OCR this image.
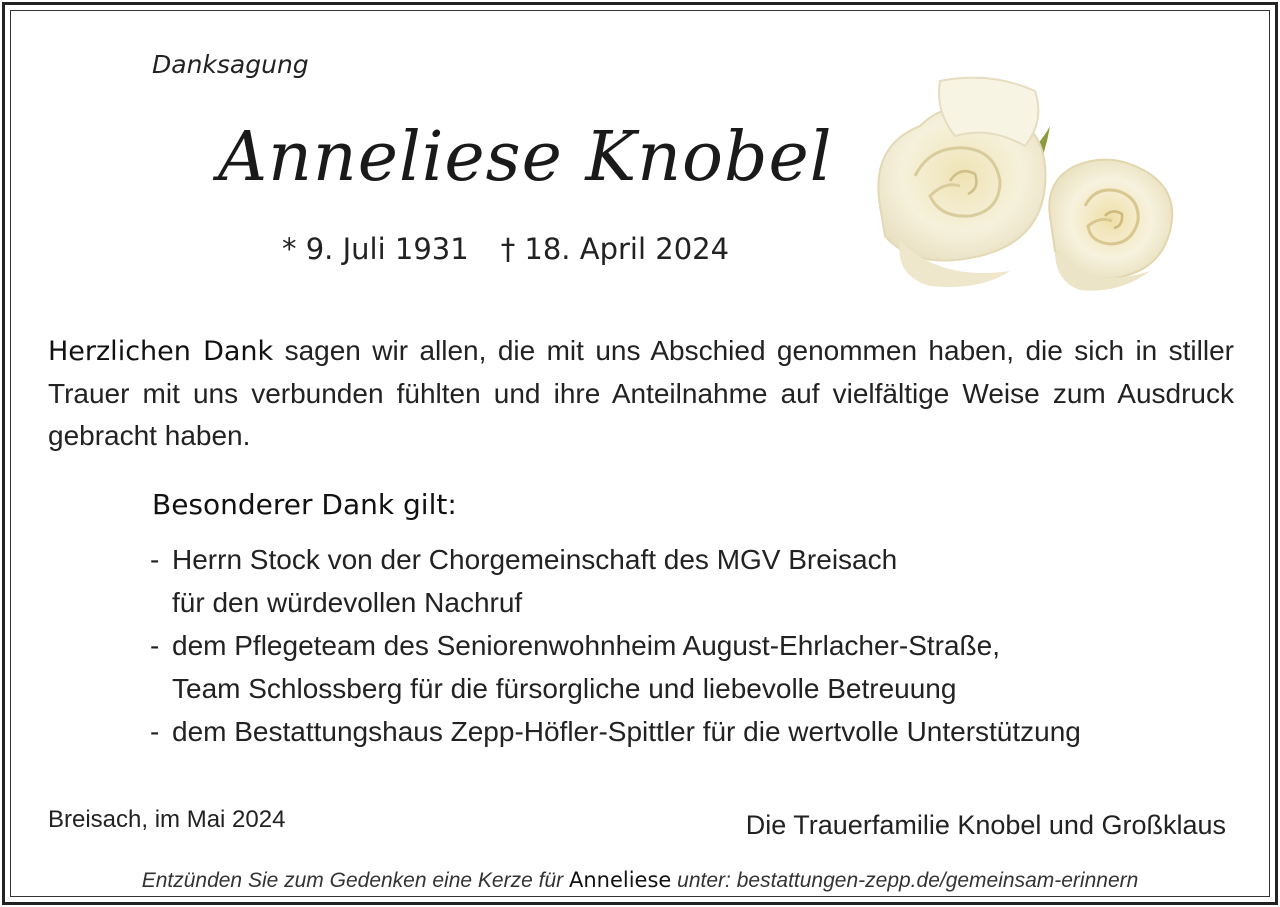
Danksagung
Anneliese Knobel
* 9. Juli 1931 † 18. April 2024
Herzlichen Dank sagen wir allen, die mit uns Abschied genommen haben, die sich in stiller Trauer mit uns verbunden fühlten und ihre Anteilnahme auf vielfältige Weise zum Ausdruck gebracht haben.
Besonderer Dank gilt:
- Herrn Stock von der Chorgemeinschaft des MGV Breisach
für den würdevollen Nachruf
- dem Pflegeteam des Seniorenwohnheim August-Ehrlacher-Straße,
Team Schlossberg für die fürsorgliche und liebevolle Betreuung
- dem Bestattungshaus Zepp-Höfler-Spittler für die wertvolle Unterstützung
Breisach, im Mai 2024	Die Trauerfamilie Knobel und Großklaus
Entzünden Sie zum Gedenken eine Kerze für Anneliese unter: bestattungen-zepp.de/gemeinsam-erinnern
